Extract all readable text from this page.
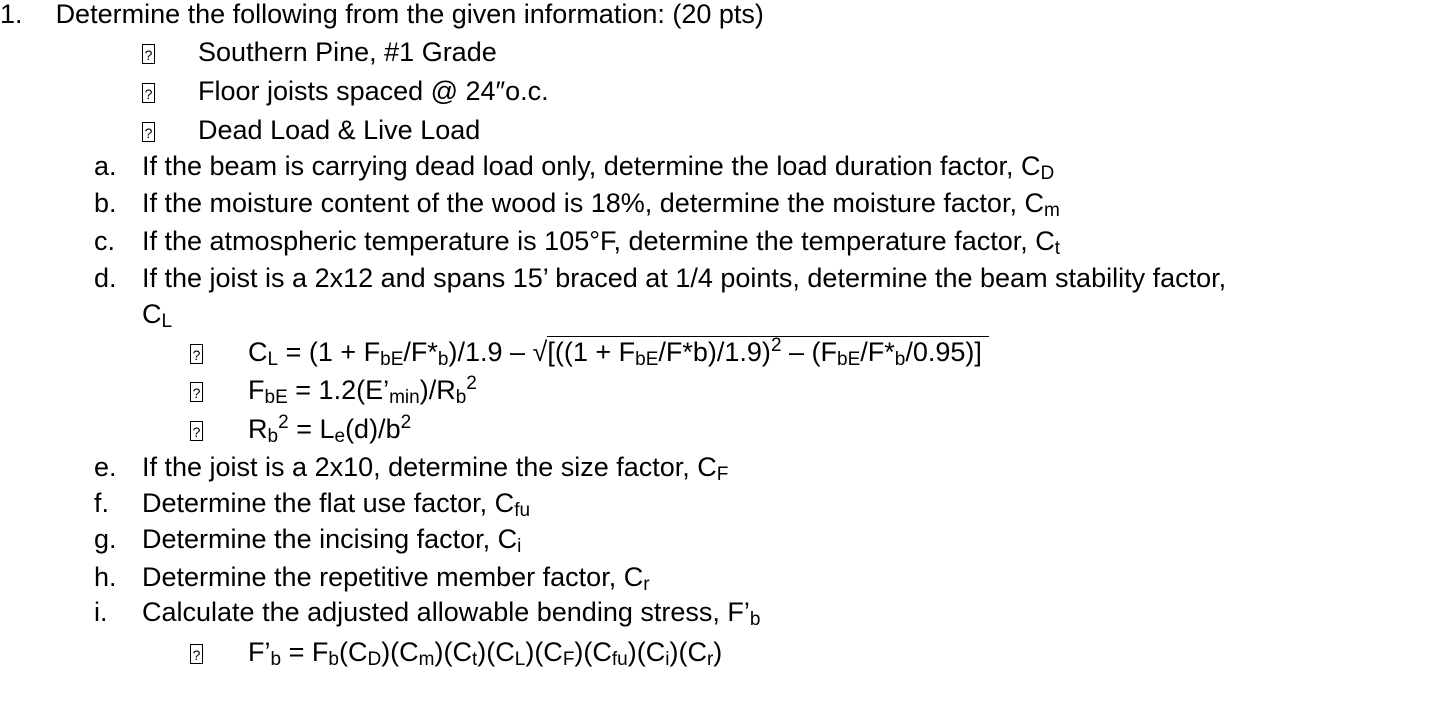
1. Determine the following from the given information: (20 pts)
? Southern Pine, #1 Grade
? Floor joists spaced @ 24″o.c.
? Dead Load & Live Load
a. If the beam is carrying dead load only, determine the load duration factor, $C_D$
b. If the moisture content of the wood is 18%, determine the moisture factor, $C_m$
c. If the atmospheric temperature is 105°F, determine the temperature factor, $C_t$
d. If the joist is a 2x12 and spans 15’ braced at 1/4 points, determine the beam stability factor,
$C_L$
? $C_L = (1 + F_{bE}/F*_b)/1.9 - √[((1 + F_{bE}/F*b)/1.9)^2 - (F_{bE}/F*_b/0.95)]$
? $F_{bE}$ = $1.2(E’_{min})/R_b^2$
? $R_b^2 = L_e(d)/b^2$
e. If the joist is a 2x10, determine the size factor, $C_F$
f. Determine the flat use factor, $C_{fu}$
g. Determine the incising factor, $C_i$
h. Determine the repetitive member factor, $C_r$
i. Calculate the adjusted allowable bending stress, $F’_b$
? $F’_b = F_b(C_D)(C_m)(C_t)(C_L)(C_F)(C_{fu})(C_i)(C_r)$
